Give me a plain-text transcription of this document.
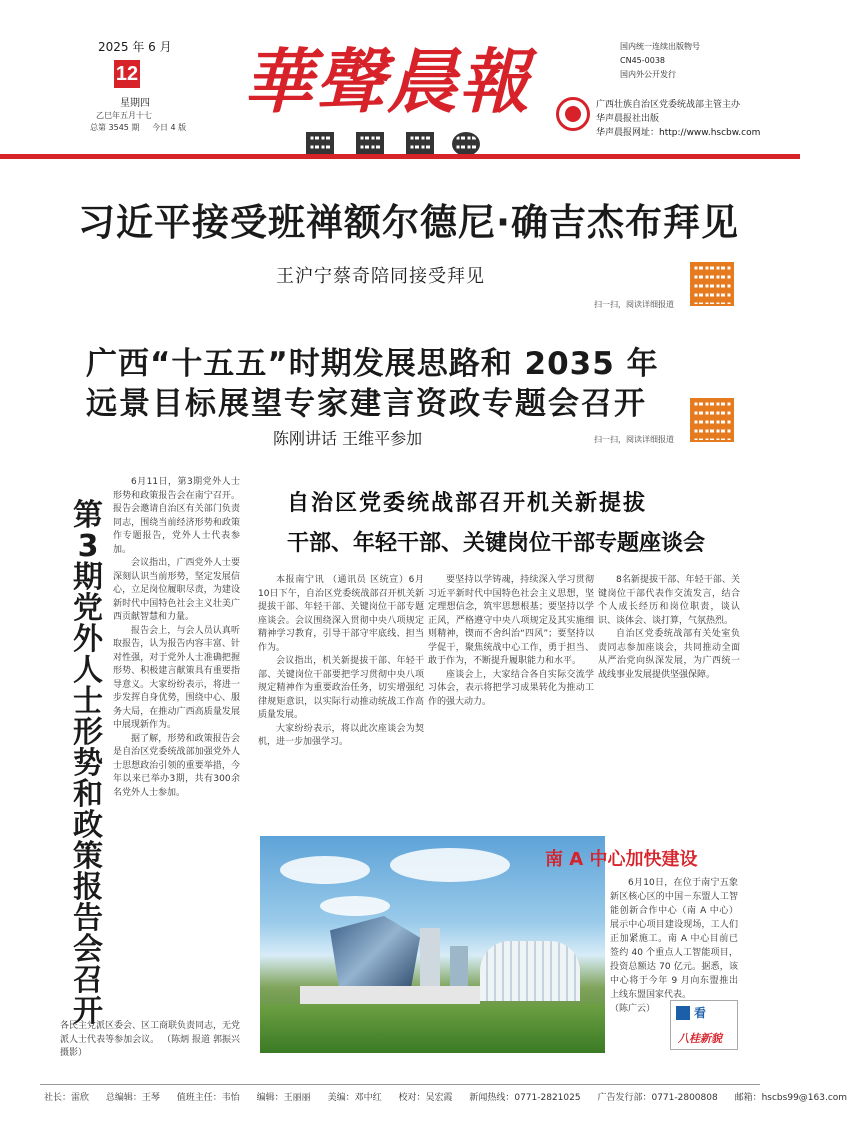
2025 年 6 月
12
星期四
乙巳年五月十七
总第 3545 期 今日 4 版
華聲晨報	国内统一连续出版物号
CN45-0038
国内外公开发行
广西壮族自治区党委统战部主管主办
华声晨报社出版
华声晨报网址：http://www.hscbw.com
习近平接受班禅额尔德尼·确吉杰布拜见
王沪宁蔡奇陪同接受拜见
扫一扫，阅读详细报道
广西“十五五”时期发展思路和 2035 年
远景目标展望专家建言资政专题会召开
陈刚讲话 王维平参加	扫一扫，阅读详细报道
第
3
期
党
外
人
士
形
势
和
政
策
报
告
会
召
开

6月11日，第3期党外人士形势和政策报告会在南宁召开。报告会邀请自治区有关部门负责同志，围绕当前经济形势和政策作专题报告，党外人士代表参加。

会议指出，广西党外人士要深刻认识当前形势，坚定发展信心，立足岗位履职尽责，为建设新时代中国特色社会主义壮美广西贡献智慧和力量。

报告会上，与会人员认真听取报告，认为报告内容丰富、针对性强，对于党外人士准确把握形势、积极建言献策具有重要指导意义。大家纷纷表示，将进一步发挥自身优势，围绕中心、服务大局，在推动广西高质量发展中展现新作为。

据了解，形势和政策报告会是自治区党委统战部加强党外人士思想政治引领的重要举措，今年以来已举办3期，共有300余名党外人士参加。

各民主党派区委会、区工商联负责同志，无党派人士代表等参加会议。 （陈炳 报道 郭振兴 摄影）
自治区党委统战部召开机关新提拔
干部、年轻干部、关键岗位干部专题座谈会

本报南宁讯 （通讯员 区统宣）6月10日下午，自治区党委统战部召开机关新提拔干部、年轻干部、关键岗位干部专题座谈会。会议围绕深入贯彻中央八项规定精神学习教育，引导干部守牢底线、担当作为。

会议指出，机关新提拔干部、年轻干部、关键岗位干部要把学习贯彻中央八项规定精神作为重要政治任务，切实增强纪律规矩意识，以实际行动推动统战工作高质量发展。

大家纷纷表示，将以此次座谈会为契机，进一步加强学习。

要坚持以学铸魂，持续深入学习贯彻习近平新时代中国特色社会主义思想，坚定理想信念，筑牢思想根基；要坚持以学正风，严格遵守中央八项规定及其实施细则精神，锲而不舍纠治“四风”；要坚持以学促干，聚焦统战中心工作，勇于担当、敢于作为，不断提升履职能力和水平。

座谈会上，大家结合各自实际交流学习体会，表示将把学习成果转化为推动工作的强大动力。

8名新提拔干部、年轻干部、关键岗位干部代表作交流发言，结合个人成长经历和岗位职责，谈认识、谈体会、谈打算，气氛热烈。

自治区党委统战部有关处室负责同志参加座谈会，共同推动全面从严治党向纵深发展，为广西统一战线事业发展提供坚强保障。

南 A 中心加快建设

6月10日，在位于南宁五象新区核心区的中国－东盟人工智能创新合作中心（南 A 中心）展示中心项目建设现场，工人们正加紧施工。南 A 中心目前已签约 40 个重点人工智能项目，投资总额达 70 亿元。据悉，该中心将于今年 9 月向东盟推出上线东盟国家代表。

（陈广云）	看
八桂新貌
社长：雷欣 总编辑：王琴 值班主任：韦怡 编辑：王丽丽 美编：邓中红 校对：吴宏霞 新闻热线：0771-2821025 广告发行部：0771-2800808 邮箱：hscbs99@163.com
